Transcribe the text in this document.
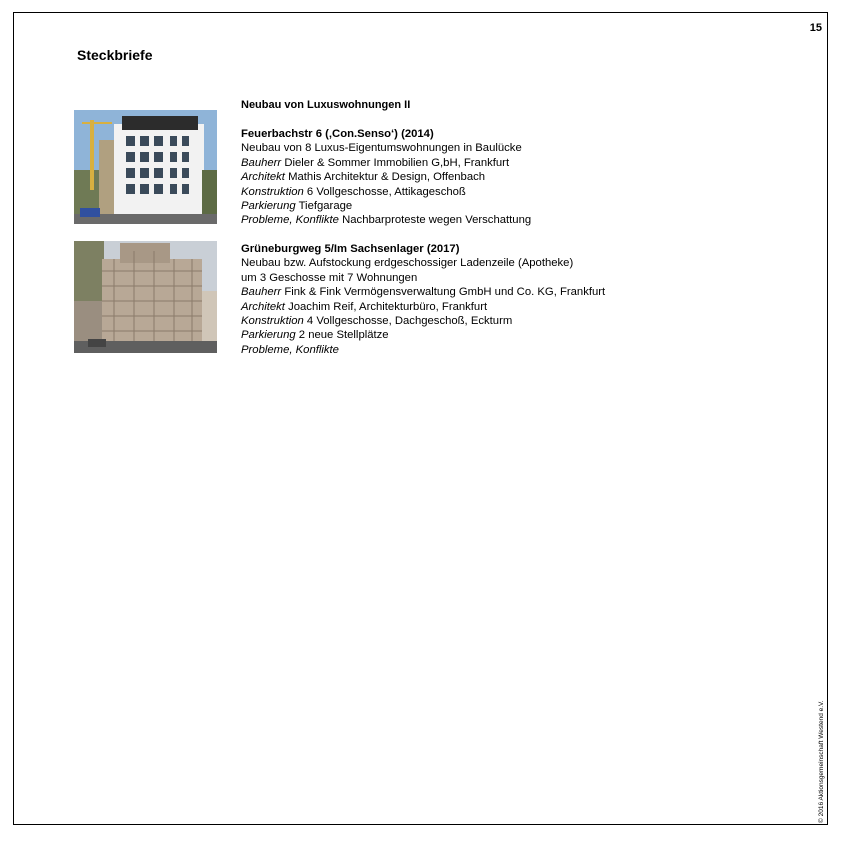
15
Steckbriefe
Neubau von Luxuswohnungen II
Feuerbachstr 6 (‚Con.Senso‘) (2014)
Neubau von 8 Luxus-Eigentumswohnungen in Baulücke
Bauherr Dieler & Sommer Immobilien G,bH, Frankfurt
Architekt Mathis Architektur & Design, Offenbach
Konstruktion 6 Vollgeschosse, Attikageschoß
Parkierung Tiefgarage
Probleme, Konflikte Nachbarproteste wegen Verschattung
Grüneburgweg 5/Im Sachsenlager (2017)
Neubau bzw. Aufstockung erdgeschossiger Ladenzeile (Apotheke)
um 3 Geschosse mit 7 Wohnungen
Bauherr Fink & Fink Vermögensverwaltung GmbH und Co. KG, Frankfurt
Architekt Joachim Reif, Architekturbüro, Frankfurt
Konstruktion 4 Vollgeschosse, Dachgeschoß, Eckturm
Parkierung 2 neue Stellplätze
Probleme, Konflikte
© 2016 Aktionsgemeinschaft Westend e.V.
